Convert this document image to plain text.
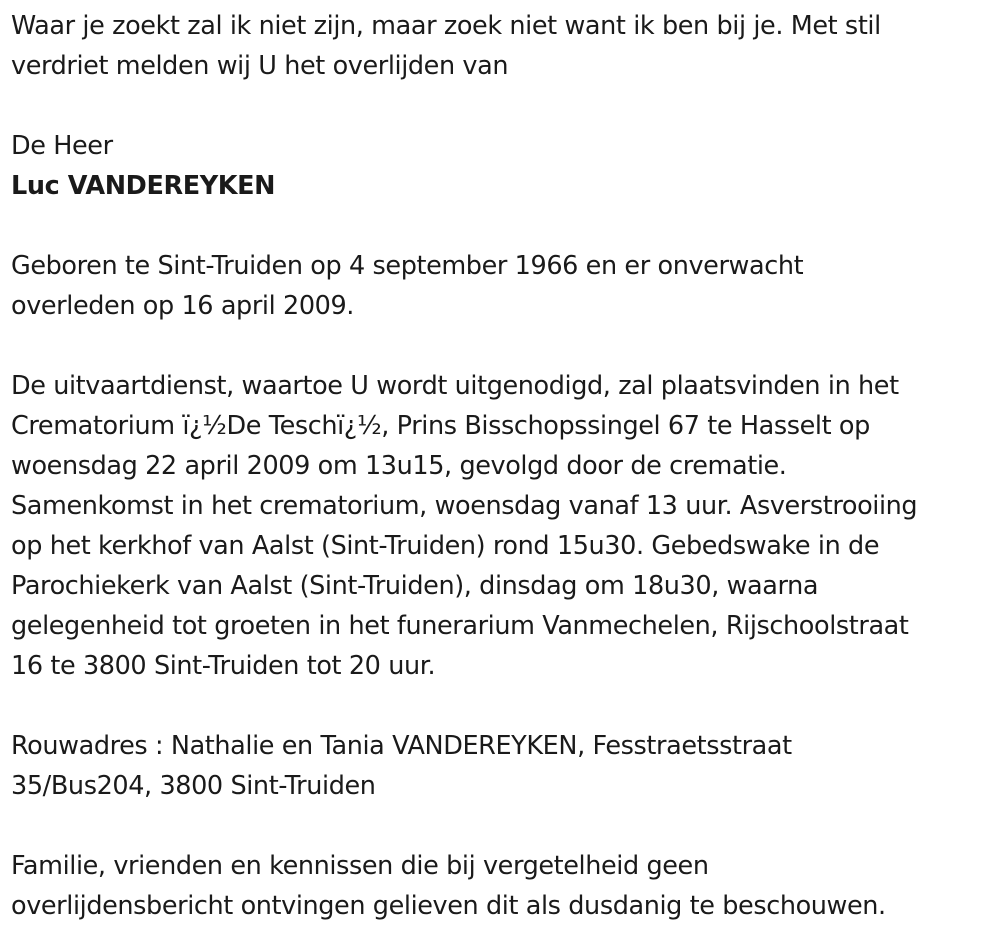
Waar je zoekt zal ik niet zijn, maar zoek niet want ik ben bij je. Met stil

verdriet melden wij U het overlijden van

De Heer

Luc VANDEREYKEN

Geboren te Sint-Truiden op 4 september 1966 en er onverwacht

overleden op 16 april 2009.

De uitvaartdienst, waartoe U wordt uitgenodigd, zal plaatsvinden in het

Crematorium ï¿½De Teschï¿½, Prins Bisschopssingel 67 te Hasselt op

woensdag 22 april 2009 om 13u15, gevolgd door de crematie.

Samenkomst in het crematorium, woensdag vanaf 13 uur. Asverstrooiing

op het kerkhof van Aalst (Sint-Truiden) rond 15u30. Gebedswake in de

Parochiekerk van Aalst (Sint-Truiden), dinsdag om 18u30, waarna

gelegenheid tot groeten in het funerarium Vanmechelen, Rijschoolstraat

16 te 3800 Sint-Truiden tot 20 uur.

Rouwadres : Nathalie en Tania VANDEREYKEN, Fesstraetsstraat

35/Bus204, 3800 Sint-Truiden

Familie, vrienden en kennissen die bij vergetelheid geen

overlijdensbericht ontvingen gelieven dit als dusdanig te beschouwen.
